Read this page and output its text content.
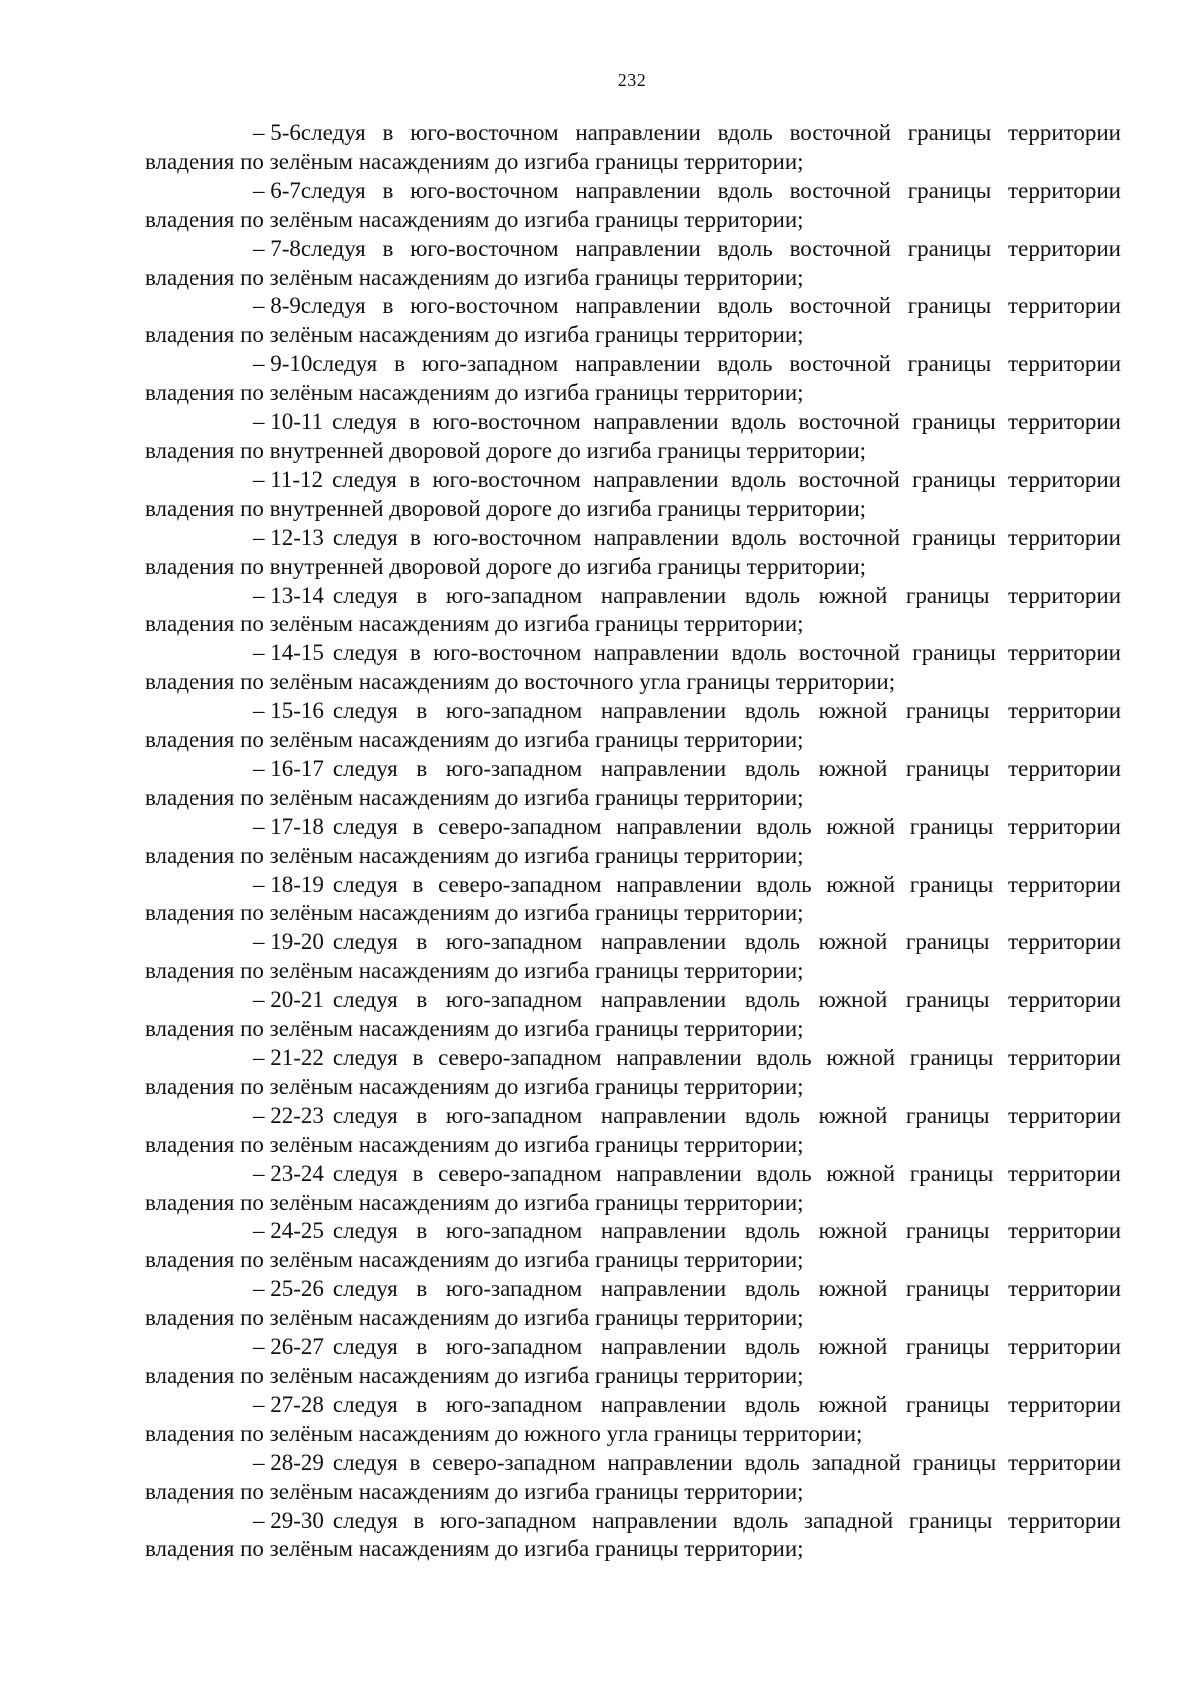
232

– 5-6следуя в юго-восточном направлении вдоль восточной границы территории владения по зелёным насаждениям до изгиба границы территории;

– 6-7следуя в юго-восточном направлении вдоль восточной границы территории владения по зелёным насаждениям до изгиба границы территории;

– 7-8следуя в юго-восточном направлении вдоль восточной границы территории владения по зелёным насаждениям до изгиба границы территории;

– 8-9следуя в юго-восточном направлении вдоль восточной границы территории владения по зелёным насаждениям до изгиба границы территории;

– 9-10следуя в юго-западном направлении вдоль восточной границы территории владения по зелёным насаждениям до изгиба границы территории;

– 10-11 следуя в юго-восточном направлении вдоль восточной границы территории владения по внутренней дворовой дороге до изгиба границы территории;

– 11-12 следуя в юго-восточном направлении вдоль восточной границы территории владения по внутренней дворовой дороге до изгиба границы территории;

– 12-13 следуя в юго-восточном направлении вдоль восточной границы территории владения по внутренней дворовой дороге до изгиба границы территории;

– 13-14 следуя в юго-западном направлении вдоль южной границы территории владения по зелёным насаждениям до изгиба границы территории;

– 14-15 следуя в юго-восточном направлении вдоль восточной границы территории владения по зелёным насаждениям до восточного угла границы территории;

– 15-16 следуя в юго-западном направлении вдоль южной границы территории владения по зелёным насаждениям до изгиба границы территории;

– 16-17 следуя в юго-западном направлении вдоль южной границы территории владения по зелёным насаждениям до изгиба границы территории;

– 17-18 следуя в северо-западном направлении вдоль южной границы территории владения по зелёным насаждениям до изгиба границы территории;

– 18-19 следуя в северо-западном направлении вдоль южной границы территории владения по зелёным насаждениям до изгиба границы территории;

– 19-20 следуя в юго-западном направлении вдоль южной границы территории владения по зелёным насаждениям до изгиба границы территории;

– 20-21 следуя в юго-западном направлении вдоль южной границы территории владения по зелёным насаждениям до изгиба границы территории;

– 21-22 следуя в северо-западном направлении вдоль южной границы территории владения по зелёным насаждениям до изгиба границы территории;

– 22-23 следуя в юго-западном направлении вдоль южной границы территории владения по зелёным насаждениям до изгиба границы территории;

– 23-24 следуя в северо-западном направлении вдоль южной границы территории владения по зелёным насаждениям до изгиба границы территории;

– 24-25 следуя в юго-западном направлении вдоль южной границы территории владения по зелёным насаждениям до изгиба границы территории;

– 25-26 следуя в юго-западном направлении вдоль южной границы территории владения по зелёным насаждениям до изгиба границы территории;

– 26-27 следуя в юго-западном направлении вдоль южной границы территории владения по зелёным насаждениям до изгиба границы территории;

– 27-28 следуя в юго-западном направлении вдоль южной границы территории владения по зелёным насаждениям до южного угла границы территории;

– 28-29 следуя в северо-западном направлении вдоль западной границы территории владения по зелёным насаждениям до изгиба границы территории;

– 29-30 следуя в юго-западном направлении вдоль западной границы территории владения по зелёным насаждениям до изгиба границы территории;
